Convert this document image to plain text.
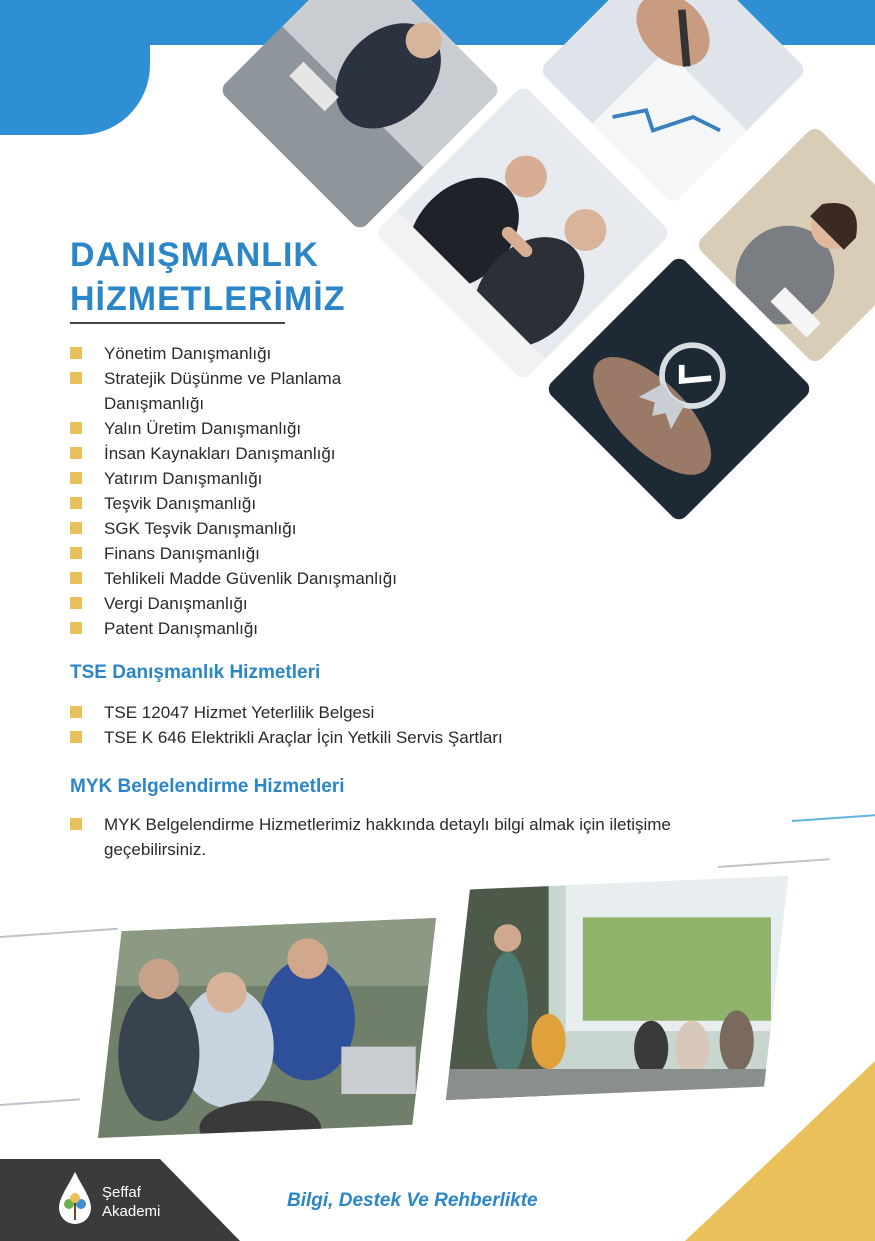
DANIŞMANLIK
HİZMETLERİMİZ
Yönetim Danışmanlığı
Stratejik Düşünme ve Planlama Danışmanlığı
Yalın Üretim Danışmanlığı
İnsan Kaynakları Danışmanlığı
Yatırım Danışmanlığı
Teşvik Danışmanlığı
SGK Teşvik Danışmanlığı
Finans Danışmanlığı
Tehlikeli Madde Güvenlik Danışmanlığı
Vergi Danışmanlığı
Patent Danışmanlığı
TSE Danışmanlık Hizmetleri
TSE 12047 Hizmet Yeterlilik Belgesi
TSE K 646 Elektrikli Araçlar İçin Yetkili Servis Şartları
MYK Belgelendirme Hizmetleri
MYK Belgelendirme Hizmetlerimiz hakkında detaylı bilgi almak için iletişime geçebilirsiniz.
Şeffaf
Akademi
Bilgi, Destek Ve Rehberlikte
